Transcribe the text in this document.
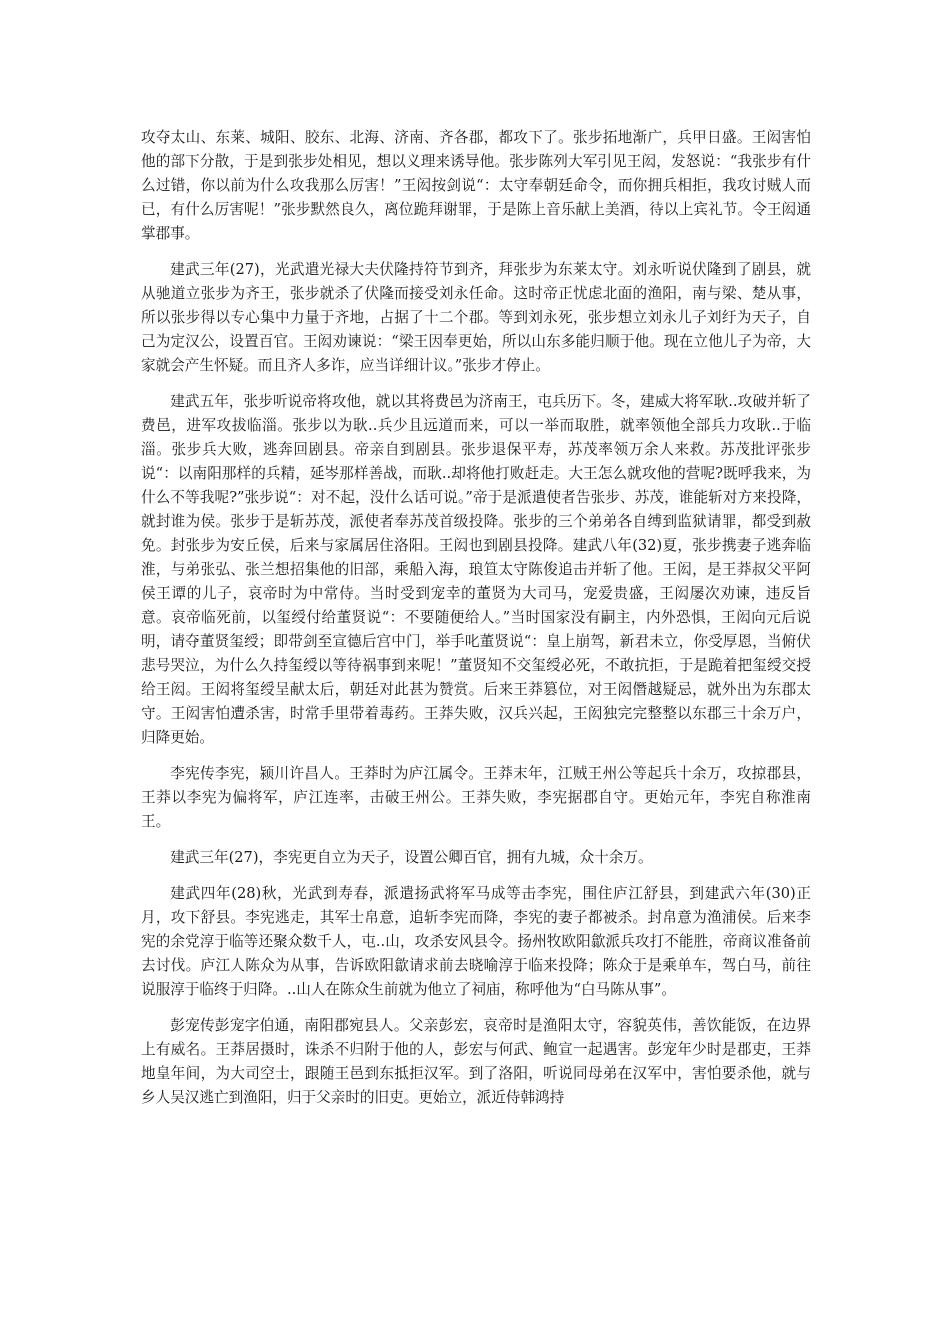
攻夺太山、东莱、城阳、胶东、北海、济南、齐各郡，都攻下了。张步拓地渐广，兵甲日盛。王闳害怕他的部下分散，于是到张步处相见，想以义理来诱导他。张步陈列大军引见王闳，发怒说：“我张步有什么过错，你以前为什么攻我那么厉害！”王闳按剑说“：太守奉朝廷命令，而你拥兵相拒，我攻讨贼人而已，有什么厉害呢！”张步默然良久，离位跪拜谢罪，于是陈上音乐献上美酒，待以上宾礼节。令王闳通掌郡事。

建武三年(27)，光武遣光禄大夫伏隆持符节到齐，拜张步为东莱太守。刘永听说伏隆到了剧县，就从驰道立张步为齐王，张步就杀了伏隆而接受刘永任命。这时帝正忧虑北面的渔阳，南与梁、楚从事，所以张步得以专心集中力量于齐地，占据了十二个郡。等到刘永死，张步想立刘永儿子刘纡为天子，自己为定汉公，设置百官。王闳劝谏说：“梁王因奉更始，所以山东多能归顺于他。现在立他儿子为帝，大家就会产生怀疑。而且齐人多诈，应当详细计议。”张步才停止。

建武五年，张步听说帝将攻他，就以其将费邑为济南王，屯兵历下。冬，建威大将军耿..攻破并斩了费邑，进军攻拔临淄。张步以为耿..兵少且远道而来，可以一举而取胜，就率领他全部兵力攻耿..于临淄。张步兵大败，逃奔回剧县。帝亲自到剧县。张步退保平寿，苏茂率领万余人来救。苏茂批评张步说“：以南阳那样的兵精，延岑那样善战，而耿..却将他打败赶走。大王怎么就攻他的营呢?既呼我来，为什么不等我呢?”张步说“：对不起，没什么话可说。”帝于是派遣使者告张步、苏茂，谁能斩对方来投降，就封谁为侯。张步于是斩苏茂，派使者奉苏茂首级投降。张步的三个弟弟各自缚到监狱请罪，都受到赦免。封张步为安丘侯，后来与家属居住洛阳。王闳也到剧县投降。建武八年(32)夏，张步携妻子逃奔临淮，与弟张弘、张兰想招集他的旧部，乘船入海，琅笪太守陈俊追击并斩了他。王闳，是王莽叔父平阿侯王谭的儿子，哀帝时为中常侍。当时受到宠幸的董贤为大司马，宠爱贵盛，王闳屡次劝谏，违反旨意。哀帝临死前，以玺绶付给董贤说“：不要随便给人。”当时国家没有嗣主，内外恐惧，王闳向元后说明，请夺董贤玺绶；即带剑至宣德后宫中门，举手叱董贤说“：皇上崩驾，新君未立，你受厚恩，当俯伏悲号哭泣，为什么久持玺绶以等待祸事到来呢！”董贤知不交玺绶必死，不敢抗拒，于是跪着把玺绶交授给王闳。王闳将玺绶呈献太后，朝廷对此甚为赞赏。后来王莽篡位，对王闳僭越疑忌，就外出为东郡太守。王闳害怕遭杀害，时常手里带着毒药。王莽失败，汉兵兴起，王闳独完完整整以东郡三十余万户，归降更始。

李宪传李宪，颍川许昌人。王莽时为庐江属令。王莽末年，江贼王州公等起兵十余万，攻掠郡县，王莽以李宪为偏将军，庐江连率，击破王州公。王莽失败，李宪据郡自守。更始元年，李宪自称淮南王。

建武三年(27)，李宪更自立为天子，设置公卿百官，拥有九城，众十余万。

建武四年(28)秋，光武到寿春，派遣扬武将军马成等击李宪，围住庐江舒县，到建武六年(30)正月，攻下舒县。李宪逃走，其军士帛意，追斩李宪而降，李宪的妻子都被杀。封帛意为渔浦侯。后来李宪的余党淳于临等还聚众数千人，屯..山，攻杀安风县令。扬州牧欧阳歙派兵攻打不能胜，帝商议准备前去讨伐。庐江人陈众为从事，告诉欧阳歙请求前去晓喻淳于临来投降；陈众于是乘单车，驾白马，前往说服淳于临终于归降。..山人在陈众生前就为他立了祠庙，称呼他为“白马陈从事”。

彭宠传彭宠字伯通，南阳郡宛县人。父亲彭宏，哀帝时是渔阳太守，容貌英伟，善饮能饭，在边界上有威名。王莽居摄时，诛杀不归附于他的人，彭宏与何武、鲍宣一起遇害。彭宠年少时是郡吏，王莽地皇年间，为大司空士，跟随王邑到东抵拒汉军。到了洛阳，听说同母弟在汉军中，害怕要杀他，就与乡人吴汉逃亡到渔阳，归于父亲时的旧吏。更始立，派近侍韩鸿持
